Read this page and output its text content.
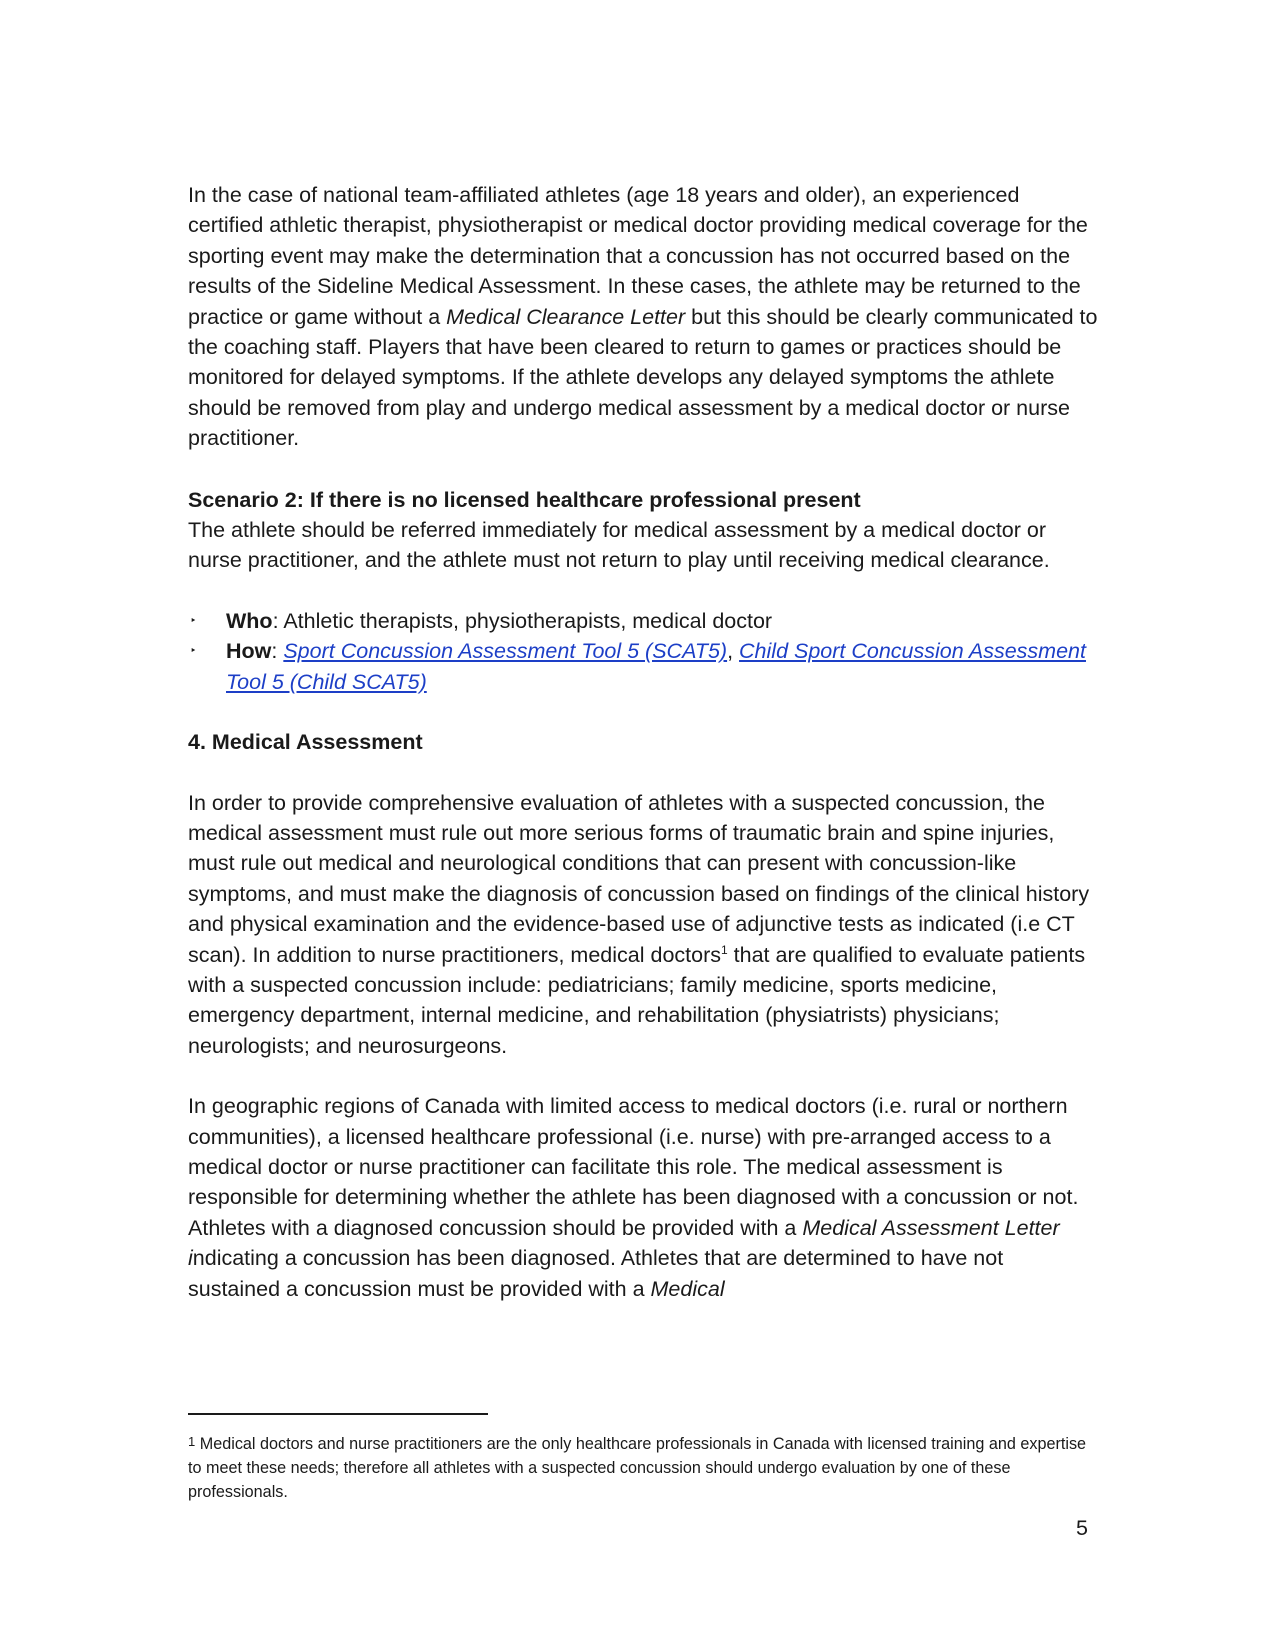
In the case of national team-affiliated athletes (age 18 years and older), an experienced certified athletic therapist, physiotherapist or medical doctor providing medical coverage for the sporting event may make the determination that a concussion has not occurred based on the results of the Sideline Medical Assessment. In these cases, the athlete may be returned to the practice or game without a Medical Clearance Letter but this should be clearly communicated to the coaching staff. Players that have been cleared to return to games or practices should be monitored for delayed symptoms. If the athlete develops any delayed symptoms the athlete should be removed from play and undergo medical assessment by a medical doctor or nurse practitioner.

Scenario 2: If there is no licensed healthcare professional present

The athlete should be referred immediately for medical assessment by a medical doctor or nurse practitioner, and the athlete must not return to play until receiving medical clearance.

‣ Who: Athletic therapists, physiotherapists, medical doctor
‣ How: Sport Concussion Assessment Tool 5 (SCAT5), Child Sport Concussion Assessment Tool 5 (Child SCAT5)

4. Medical Assessment

In order to provide comprehensive evaluation of athletes with a suspected concussion, the medical assessment must rule out more serious forms of traumatic brain and spine injuries, must rule out medical and neurological conditions that can present with concussion-like symptoms, and must make the diagnosis of concussion based on findings of the clinical history and physical examination and the evidence-based use of adjunctive tests as indicated (i.e CT scan). In addition to nurse practitioners, medical doctors$^1$ that are qualified to evaluate patients with a suspected concussion include: pediatricians; family medicine, sports medicine, emergency department, internal medicine, and rehabilitation (physiatrists) physicians; neurologists; and neurosurgeons.

In geographic regions of Canada with limited access to medical doctors (i.e. rural or northern communities), a licensed healthcare professional (i.e. nurse) with pre-arranged access to a medical doctor or nurse practitioner can facilitate this role. The medical assessment is responsible for determining whether the athlete has been diagnosed with a concussion or not. Athletes with a diagnosed concussion should be provided with a Medical Assessment Letter indicating a concussion has been diagnosed. Athletes that are determined to have not sustained a concussion must be provided with a Medical

$^1$ Medical doctors and nurse practitioners are the only healthcare professionals in Canada with licensed training and expertise to meet these needs; therefore all athletes with a suspected concussion should undergo evaluation by one of these professionals.
5
